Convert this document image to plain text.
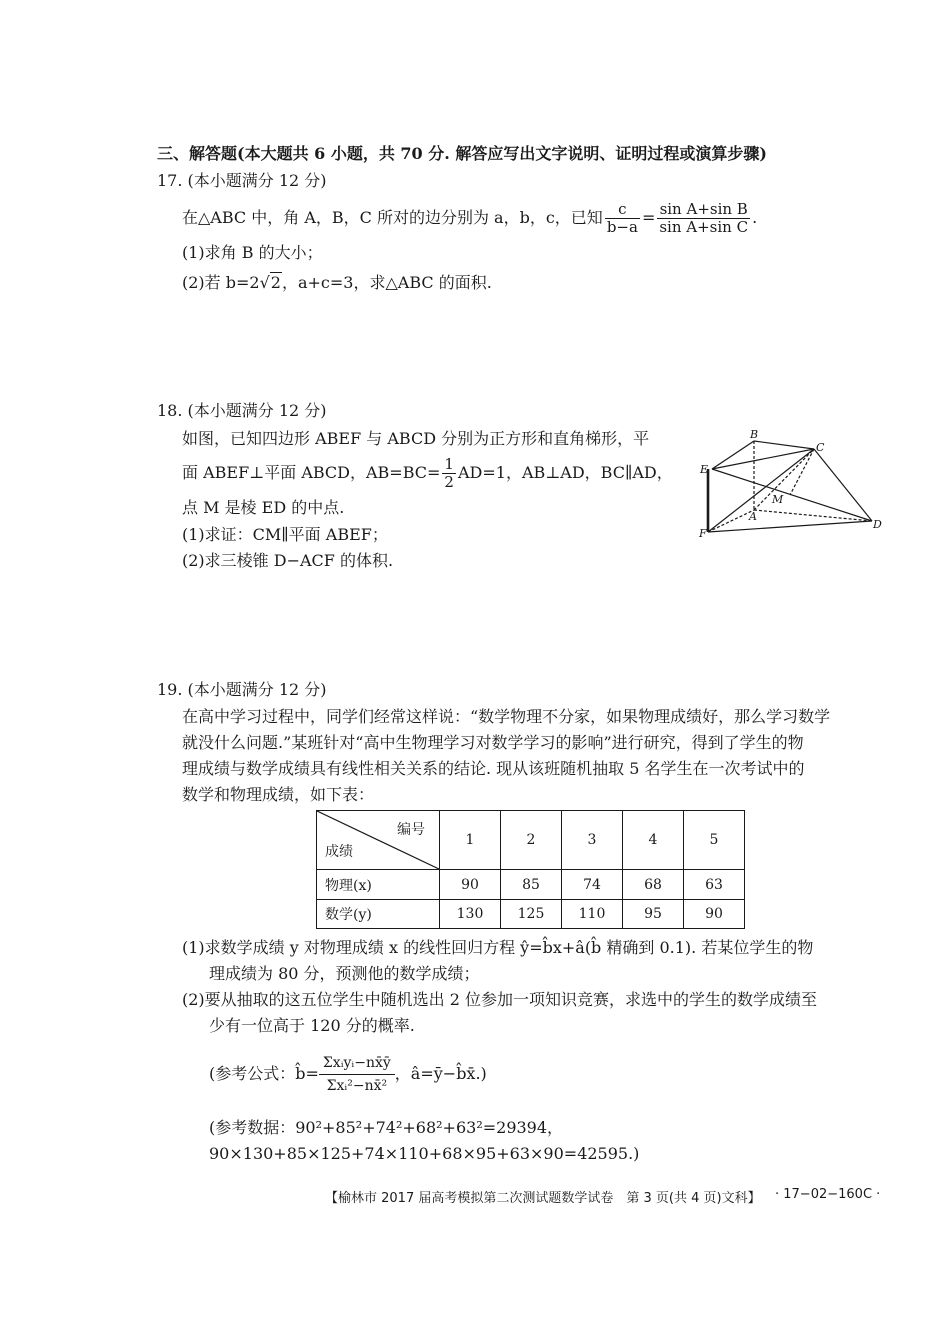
三、解答题(本大题共 6 小题，共 70 分. 解答应写出文字说明、证明过程或演算步骤)
17. (本小题满分 12 分)
在△ABC 中，角 A，B，C 所对的边分别为 a，b，c，已知 $\frac{c}{b-a} = \frac{\text{sin A+sin B}}{\text{sin A+sin C}}$ .
(1)求角 B 的大小；
(2)若 b=2√2，a+c=3，求△ABC 的面积.
18. (本小题满分 12 分)
如图，已知四边形 ABEF 与 ABCD 分别为正方形和直角梯形，平
面 ABEF⊥平面 ABCD，$AB=BC= \frac{1}{2} AD=1$，AB⊥AD，BC∥AD，
点 M 是棱 ED 的中点.
(1)求证：CM∥平面 ABEF；
(2)求三棱锥 D−ACF 的体积.
B
C
E
M
A
F
D
19. (本小题满分 12 分)
在高中学习过程中，同学们经常这样说：“数学物理不分家，如果物理成绩好，那么学习数学
就没什么问题.”某班针对“高中生物理学习对数学学习的影响”进行研究，得到了学生的物
理成绩与数学成绩具有线性相关关系的结论. 现从该班随机抽取 5 名学生在一次考试中的
数学和物理成绩，如下表：
编号
成绩	1	2	3	4	5
物理(x)	90	85	74	68	63
数学(y)	130	125	110	95	90
(1)求数学成绩 y 对物理成绩 x 的线性回归方程 ŷ=b̂x+â(b̂ 精确到 0.1). 若某位学生的物
理成绩为 80 分，预测他的数学成绩；
(2)要从抽取的这五位学生中随机选出 2 位参加一项知识竞赛，求选中的学生的数学成绩至
少有一位高于 120 分的概率.
(参考公式：b̂=
Σxᵢyᵢ−nx̄ȳ
Σxᵢ²−nx̄²
，â=ȳ−b̂x̄.)
(参考数据：90²+85²+74²+68²+63²=29394，
90×130+85×125+74×110+68×95+63×90=42595.)
【榆林市 2017 届高考模拟第二次测试题数学试卷　第 3 页(共 4 页)文科】 · 17−02−160C ·
